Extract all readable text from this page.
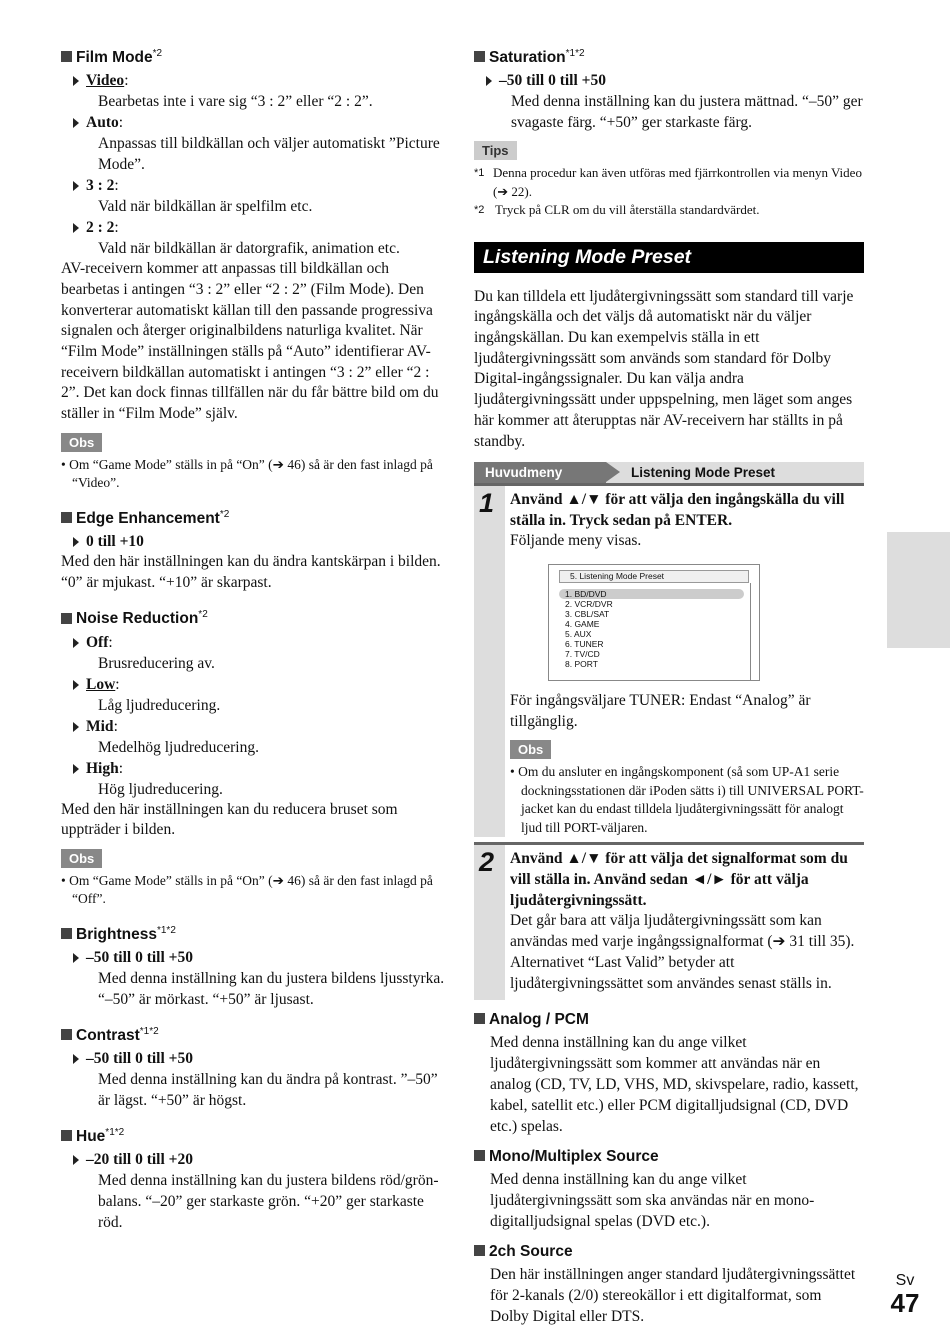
Film Mode$^{*2}$
Video:
Bearbetas inte i vare sig “3 : 2” eller “2 : 2”.
Auto:
Anpassas till bildkällan och väljer automatiskt ”Picture Mode”.
3 : 2:
Vald när bildkällan är spelfilm etc.
2 : 2:
Vald när bildkällan är datorgrafik, animation etc.

AV-receivern kommer att anpassas till bildkällan och bearbetas i antingen “3 : 2” eller “2 : 2” (Film Mode). Den konverterar automatiskt källan till den passande progressiva signalen och återger originalbildens naturliga kvalitet. När “Film Mode” inställningen ställs på “Auto” identifierar AV-receivern bildkällan automatiskt i antingen “3 : 2” eller “2 : 2”. Det kan dock finnas tillfällen när du får bättre bild om du ställer in “Film Mode” själv.

Obs

• Om “Game Mode” ställs in på “On” (➔ 46) så är den fast inlagd på “Video”.

Edge Enhancement$^{*2}$
0 till +10

Med den här inställningen kan du ändra kantskärpan i bilden. “0” är mjukast. “+10” är skarpast.

Noise Reduction$^{*2}$
Off:
Brusreducering av.
Low:
Låg ljudreducering.
Mid:
Medelhög ljudreducering.
High:
Hög ljudreducering.

Med den här inställningen kan du reducera bruset som uppträder i bilden.

Obs

• Om “Game Mode” ställs in på “On” (➔ 46) så är den fast inlagd på “Off”.

Brightness$^{*1*2}$
–50 till 0 till +50
Med denna inställning kan du justera bildens ljusstyrka. “–50” är mörkast. “+50” är ljusast.
Contrast$^{*1*2}$
–50 till 0 till +50
Med denna inställning kan du ändra på kontrast. ”–50” är lägst. “+50” är högst.
Hue$^{*1*2}$
–20 till 0 till +20
Med denna inställning kan du justera bildens röd/grön-balans. “–20” ger starkaste grön. “+20” ger starkaste röd.
Saturation$^{*1*2}$
–50 till 0 till +50
Med denna inställning kan du justera mättnad. “–50” ger svagaste färg. “+50” ger starkaste färg.
Tips
*1 Denna procedur kan även utföras med fjärrkontrollen via menyn Video (➔ 22).
*2 Tryck på CLR om du vill återställa standardvärdet.
Listening Mode Preset

Du kan tilldela ett ljudåtergivningssätt som standard till varje ingångskälla och det väljs då automatiskt när du väljer ingångskällan. Du kan exempelvis ställa in ett ljudåtergivningssätt som används som standard för Dolby Digital-ingångssignaler. Du kan välja andra ljudåtergivningssätt under uppspelning, men läget som anges här kommer att återupptas när AV-receivern har ställts in på standby.

Huvudmeny	Listening Mode Preset
1 Använd ▲/▼ för att välja den ingångskälla du vill ställa in. Tryck sedan på ENTER.

Följande meny visas.

5. Listening Mode Preset
1. BD/DVD
2. VCR/DVR
3. CBL/SAT
4. GAME
5. AUX
6. TUNER
7. TV/CD
8. PORT

För ingångsväljare TUNER: Endast “Analog” är tillgänglig.

Obs

• Om du ansluter en ingångskomponent (så som UP-A1 serie dockningsstationen där iPoden sätts i) till UNIVERSAL PORT-jacket kan du endast tilldela ljudåtergivningssätt för analogt ljud till PORT-väljaren.

2 Använd ▲/▼ för att välja det signalformat som du vill ställa in. Använd sedan ◄/► för att välja ljudåtergivningssätt.

Det går bara att välja ljudåtergivningssätt som kan användas med varje ingångssignalformat (➔ 31 till 35).

Alternativet “Last Valid” betyder att ljudåtergivningssättet som användes senast ställs in.

Analog / PCM
Med denna inställning kan du ange vilket ljudåtergivningssätt som kommer att användas när en analog (CD, TV, LD, VHS, MD, skivspelare, radio, kassett, kabel, satellit etc.) eller PCM digitalljudsignal (CD, DVD etc.) spelas.
Mono/Multiplex Source
Med denna inställning kan du ange vilket ljudåtergivningssätt som ska användas när en mono-digitalljudsignal spelas (DVD etc.).
2ch Source
Den här inställningen anger standard ljudåtergivningssättet för 2-kanals (2/0) stereokällor i ett digitalformat, som Dolby Digital eller DTS.
Sv
47
